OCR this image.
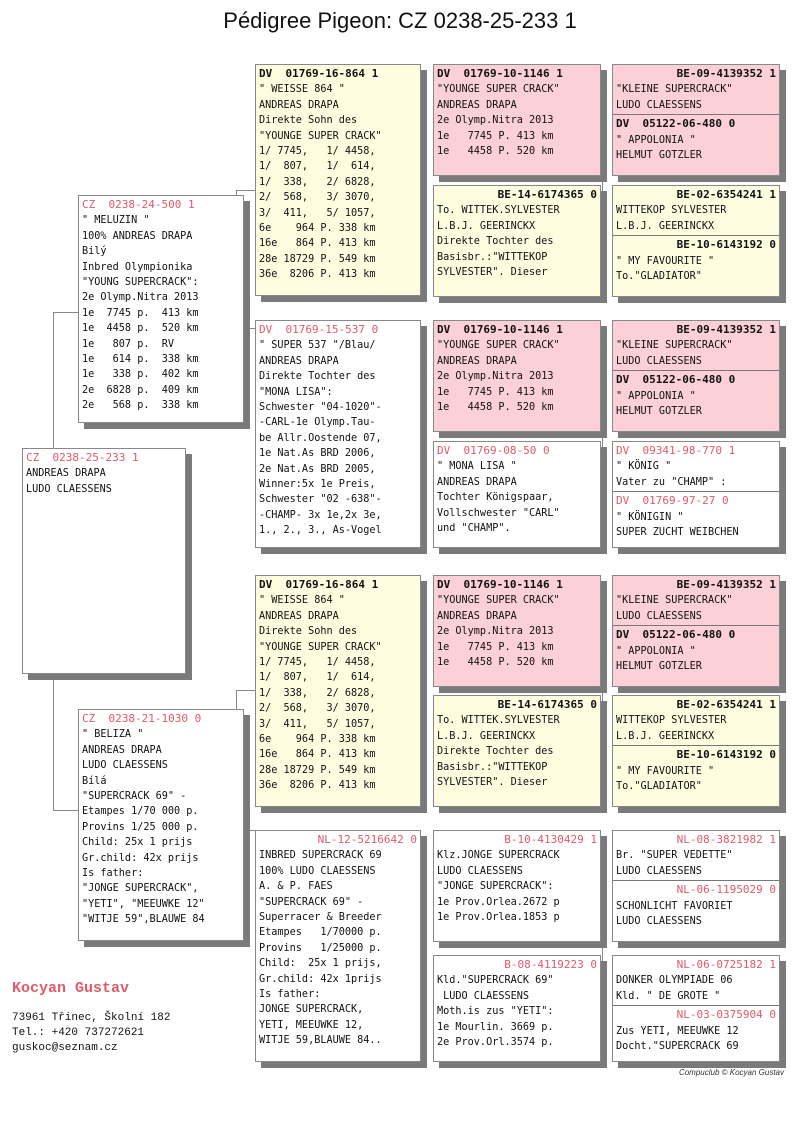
Pédigree Pigeon: CZ 0238-25-233 1
CZ  0238-25-233 1
ANDREAS DRAPA
LUDO CLAESSENS
CZ  0238-24-500 1
" MELUZIN "
100% ANDREAS DRAPA
Bilý
Inbred Olympionika
"YOUNG SUPERCRACK":
2e Olymp.Nitra 2013
1e  7745 p.  413 km
1e  4458 p.  520 km
1e   807 p.  RV
1e   614 p.  338 km
1e   338 p.  402 km
2e  6828 p.  409 km
2e   568 p.  338 km
CZ  0238-21-1030 0
" BELIZA "
ANDREAS DRAPA
LUDO CLAESSENS
Bílá
"SUPERCRACK 69" -
Etampes 1/70 000 p.
Provins 1/25 000 p.
Child: 25x 1 prijs
Gr.child: 42x prijs
Is father:
"JONGE SUPERCRACK",
"YETI", "MEEUWKE 12"
"WITJE 59",BLAUWE 84
DV  01769-16-864 1
" WEISSE 864 "
ANDREAS DRAPA
Direkte Sohn des
"YOUNGE SUPER CRACK"
1/ 7745,   1/ 4458,
1/  807,   1/  614,
1/  338,   2/ 6828,
2/  568,   3/ 3070,
3/  411,   5/ 1057,
6e    964 P. 338 km
16e   864 P. 413 km
28e 18729 P. 549 km
36e  8206 P. 413 km
DV  01769-15-537 0
" SUPER 537 "/Blau/
ANDREAS DRAPA
Direkte Tochter des
"MONA LISA":
Schwester "04-1020"-
-CARL-1e Olymp.Tau-
be Allr.Oostende 07,
1e Nat.As BRD 2006,
2e Nat.As BRD 2005,
Winner:5x 1e Preis,
Schwester "02 -638"-
-CHAMP- 3x 1e,2x 3e,
1., 2., 3., As-Vogel
DV  01769-16-864 1
" WEISSE 864 "
ANDREAS DRAPA
Direkte Sohn des
"YOUNGE SUPER CRACK"
1/ 7745,   1/ 4458,
1/  807,   1/  614,
1/  338,   2/ 6828,
2/  568,   3/ 3070,
3/  411,   5/ 1057,
6e    964 P. 338 km
16e   864 P. 413 km
28e 18729 P. 549 km
36e  8206 P. 413 km
NL-12-5216642 0
INBRED SUPERCRACK 69
100% LUDO CLAESSENS
A. & P. FAES
"SUPERCRACK 69" -
Superracer & Breeder
Etampes   1/70000 p.
Provins   1/25000 p.
Child:  25x 1 prijs,
Gr.child: 42x 1prijs
Is father:
JONGE SUPERCRACK,
YETI, MEEUWKE 12,
WITJE 59,BLAUWE 84..
DV  01769-10-1146 1
"YOUNGE SUPER CRACK"
ANDREAS DRAPA
2e Olymp.Nitra 2013
1e   7745 P. 413 km
1e   4458 P. 520 km
BE-14-6174365 0
To. WITTEK.SYLVESTER
L.B.J. GEERINCKX
Direkte Tochter des
Basisbr.:"WITTEKOP
SYLVESTER". Dieser
DV  01769-10-1146 1
"YOUNGE SUPER CRACK"
ANDREAS DRAPA
2e Olymp.Nitra 2013
1e   7745 P. 413 km
1e   4458 P. 520 km
DV  01769-08-50 0
" MONA LISA "
ANDREAS DRAPA
Tochter Königspaar,
Vollschwester "CARL"
und "CHAMP".
DV  01769-10-1146 1
"YOUNGE SUPER CRACK"
ANDREAS DRAPA
2e Olymp.Nitra 2013
1e   7745 P. 413 km
1e   4458 P. 520 km
BE-14-6174365 0
To. WITTEK.SYLVESTER
L.B.J. GEERINCKX
Direkte Tochter des
Basisbr.:"WITTEKOP
SYLVESTER". Dieser
B-10-4130429 1
Klz.JONGE SUPERCRACK
LUDO CLAESSENS
"JONGE SUPERCRACK":
1e Prov.Orlea.2672 p
1e Prov.Orlea.1853 p
B-08-4119223 0
Kld."SUPERCRACK 69"
LUDO CLAESSENS
Moth.is zus "YETI":
1e Mourlin. 3669 p.
2e Prov.Orl.3574 p.
BE-09-4139352 1
"KLEINE SUPERCRACK"
LUDO CLAESSENS
DV  05122-06-480 0
" APPOLONIA "
HELMUT GOTZLER
BE-02-6354241 1
WITTEKOP SYLVESTER
L.B.J. GEERINCKX
BE-10-6143192 0
" MY FAVOURITE "
To."GLADIATOR"
BE-09-4139352 1
"KLEINE SUPERCRACK"
LUDO CLAESSENS
DV  05122-06-480 0
" APPOLONIA "
HELMUT GOTZLER
DV  09341-98-770 1
" KÖNIG "
Vater zu "CHAMP" :
DV  01769-97-27 0
" KÖNIGIN "
SUPER ZUCHT WEIBCHEN
BE-09-4139352 1
"KLEINE SUPERCRACK"
LUDO CLAESSENS
DV  05122-06-480 0
" APPOLONIA "
HELMUT GOTZLER
BE-02-6354241 1
WITTEKOP SYLVESTER
L.B.J. GEERINCKX
BE-10-6143192 0
" MY FAVOURITE "
To."GLADIATOR"
NL-08-3821982 1
Br. "SUPER VEDETTE"
LUDO CLAESSENS
NL-06-1195029 0
SCHONLICHT FAVORIET
LUDO CLAESSENS
NL-06-0725182 1
DONKER OLYMPIADE 06
Kld. " DE GROTE "
NL-03-0375904 0
Zus YETI, MEEUWKE 12
Docht."SUPERCRACK 69
Kocyan Gustav
73961 Třinec, Školní 182
Tel.: +420 737272621
guskoc@seznam.cz
Compuclub © Kocyan Gustav
